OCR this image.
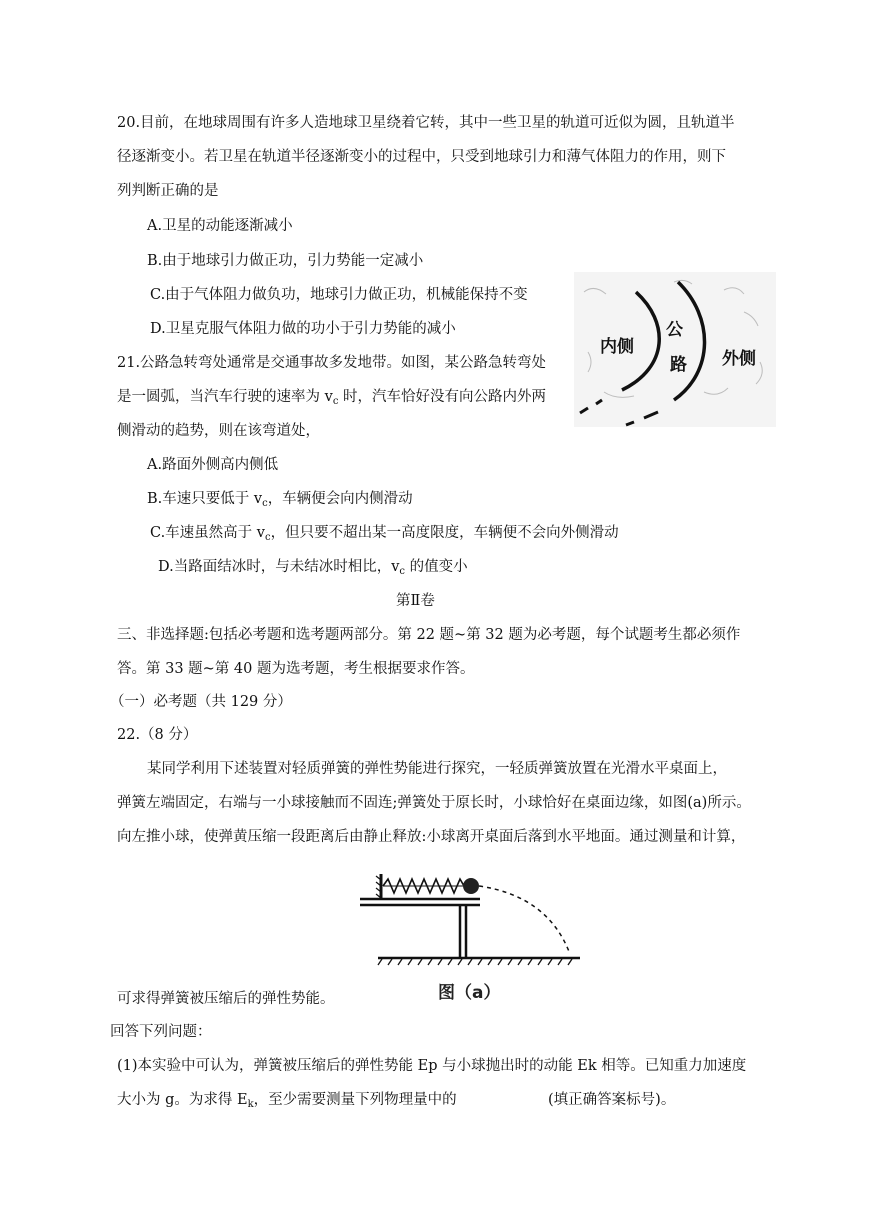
20.目前，在地球周围有许多人造地球卫星绕着它转，其中一些卫星的轨道可近似为圆，且轨道半
径逐渐变小。若卫星在轨道半径逐渐变小的过程中，只受到地球引力和薄气体阻力的作用，则下
列判断正确的是
A.卫星的动能逐渐减小
B.由于地球引力做正功，引力势能一定减小
C.由于气体阻力做负功，地球引力做正功，机械能保持不变
D.卫星克服气体阻力做的功小于引力势能的减小
21.公路急转弯处通常是交通事故多发地带。如图，某公路急转弯处
是一圆弧，当汽车行驶的速率为 $v_c$ 时，汽车恰好没有向公路内外两
侧滑动的趋势，则在该弯道处，
A.路面外侧高内侧低
B.车速只要低于 $v_c$，车辆便会向内侧滑动
C.车速虽然高于 $v_c$，但只要不超出某一高度限度，车辆便不会向外侧滑动
D.当路面结冰时，与未结冰时相比，$v_c$ 的值变小
内侧
公
路 外侧
第Ⅱ卷
三、非选择题:包括必考题和选考题两部分。第 22 题~第 32 题为必考题，每个试题考生都必须作
答。第 33 题~第 40 题为选考题，考生根据要求作答。
（一）必考题（共 129 分）
22.（8 分）
某同学利用下述装置对轻质弹簧的弹性势能进行探究，一轻质弹簧放置在光滑水平桌面上，
弹簧左端固定，右端与一小球接触而不固连;弹簧处于原长时，小球恰好在桌面边缘，如图(a)所示。
向左推小球，使弹黄压缩一段距离后由静止释放:小球离开桌面后落到水平地面。通过测量和计算，
图（a）
可求得弹簧被压缩后的弹性势能。
回答下列问题：
(1)本实验中可认为，弹簧被压缩后的弹性势能 Ep 与小球抛出时的动能 Ek 相等。已知重力加速度
大小为 g。为求得 $E_k$，至少需要测量下列物理量中的	(填正确答案标号)。
